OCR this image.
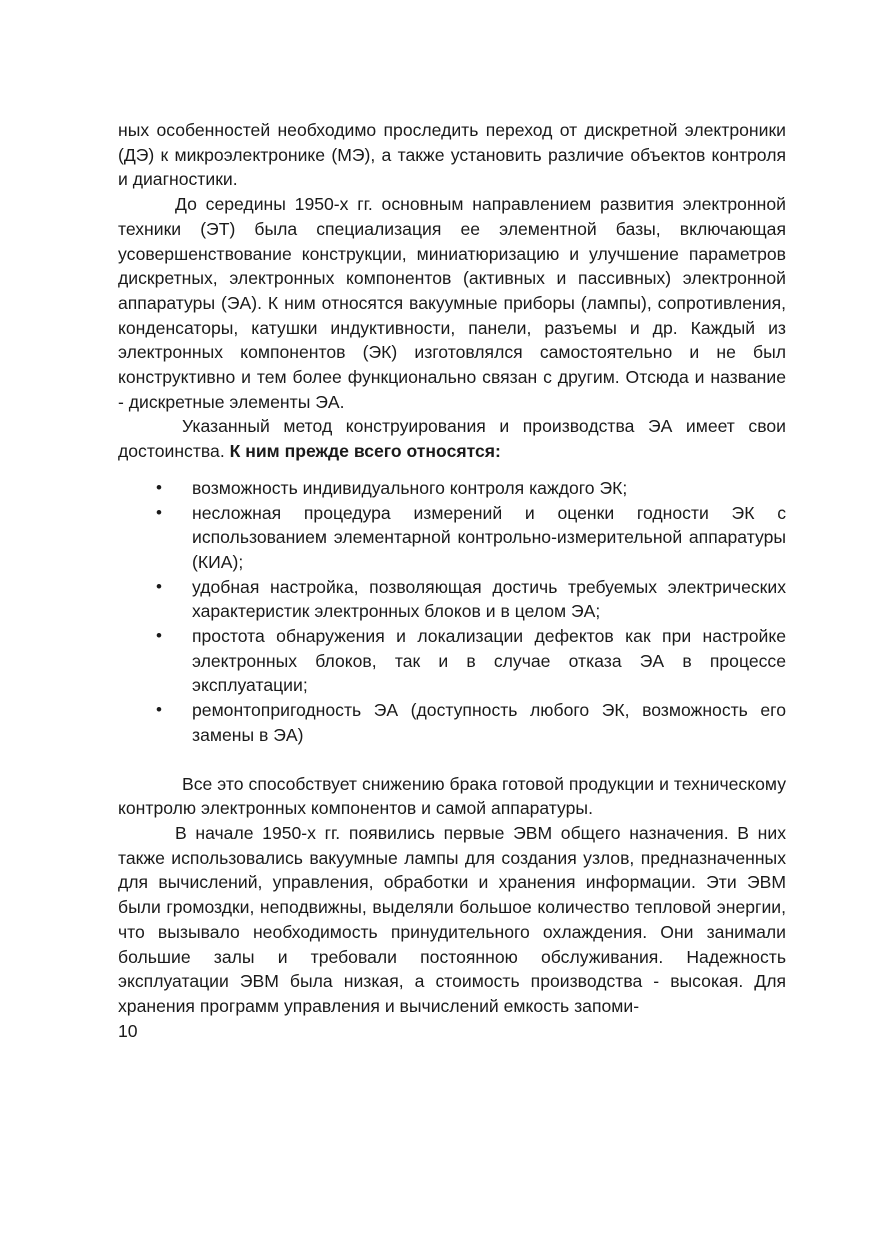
ных особенностей необходимо проследить переход от дискретной электроники (ДЭ) к микроэлектронике (МЭ), а также установить различие объектов контроля и диагностики.

До середины 1950-х гг. основным направлением развития электронной техники (ЭТ) была специализация ее элементной базы, включающая усовершенствование конструкции, миниатюризацию и улучшение параметров дискретных, электронных компонентов (активных и пассивных) электронной аппаратуры (ЭА). К ним относятся вакуумные приборы (лампы), сопротивления, конденсаторы, катушки индуктивности, панели, разъемы и др. Каждый из электронных компонентов (ЭК) изготовлялся самостоятельно и не был конструктивно и тем более функционально связан с другим. Отсюда и название - дискретные элементы ЭА.

Указанный метод конструирования и производства ЭА имеет свои достоинства. К ним прежде всего относятся:

• возможность индивидуального контроля каждого ЭК;
• несложная процедура измерений и оценки годности ЭК с использованием элементарной контрольно-измерительной аппаратуры (КИА);
• удобная настройка, позволяющая достичь требуемых электрических характеристик электронных блоков и в целом ЭА;
• простота обнаружения и локализации дефектов как при настройке электронных блоков, так и в случае отказа ЭА в процессе эксплуатации;
• ремонтопригодность ЭА (доступность любого ЭК, возможность его замены в ЭА)

Все это способствует снижению брака готовой продукции и техническому контролю электронных компонентов и самой аппаратуры.

В начале 1950-х гг. появились первые ЭВМ общего назначения. В них также использовались вакуумные лампы для создания узлов, предназначенных для вычислений, управления, обработки и хранения информации. Эти ЭВМ были громоздки, неподвижны, выделяли большое количество тепловой энергии, что вызывало необходимость принудительного охлаждения. Они занимали большие залы и требовали постоянною обслуживания. Надежность эксплуатации ЭВМ была низкая, а стоимость производства - высокая. Для хранения программ управления и вычислений емкость запоми-

10
